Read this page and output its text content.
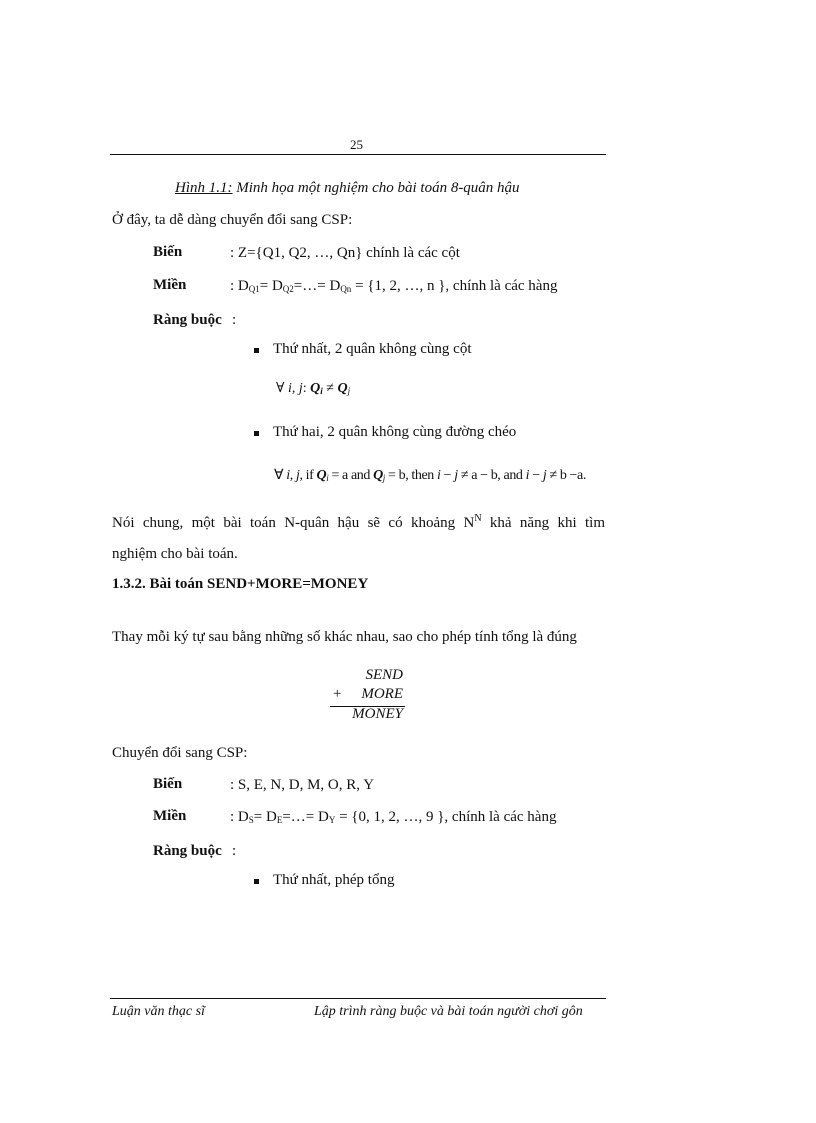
25
Hình 1.1: Minh họa một nghiệm cho bài toán 8-quân hậu
Ở đây, ta dễ dàng chuyển đổi sang CSP:
Biến	: Z={Q1, Q2, …, Qn} chính là các cột
Miền	: $D_{Q1}=$ $D_{Q2}=\dots= D_{Qn} = \{1$, 2, …, n }, chính là các hàng
Ràng buộc :
Thứ nhất, 2 quân không cùng cột
∀ i, j: $Q_i \ne Q_j$
Thứ hai, 2 quân không cùng đường chéo
∀ i, j, if $Q_i = a$ and $Q_j = b$, then i − j ≠ a − b, and i − j ≠ b −a.
Nói chung, một bài toán N-quân hậu sẽ có khoảng $N^N$ khả năng khi tìm
nghiệm cho bài toán.
1.3.2. Bài toán SEND+MORE=MONEY
Thay mỗi ký tự sau bằng những số khác nhau, sao cho phép tính tổng là đúng
SEND
+	MORE
MONEY
Chuyển đổi sang CSP:
Biến	: S, E, N, D, M, O, R, Y
Miền	: $D_S=$ $D_E=\dots= D_Y = \{0$, 1, 2, …, 9 }, chính là các hàng
Ràng buộc :
Thứ nhất, phép tổng
Luận văn thạc sĩ	Lập trình ràng buộc và bài toán người chơi gôn
